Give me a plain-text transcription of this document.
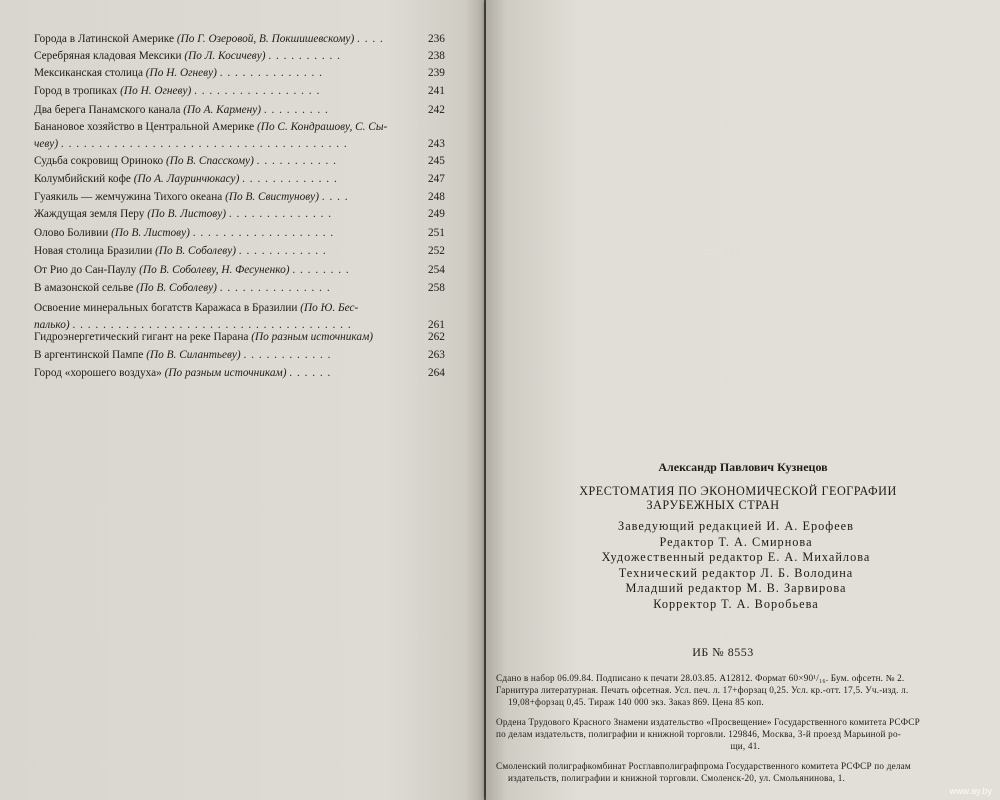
Города в Латинской Америке (По Г. Озеровой, В. Покшишевскому) . . . .	236
Серебряная кладовая Мексики (По Л. Косичеву) . . . . . . . . . .	238
Мексиканская столица (По Н. Огневу) . . . . . . . . . . . . . .	239
Город в тропиках (По Н. Огневу) . . . . . . . . . . . . . . . . .	241
Два берега Панамского канала (По А. Кармену) . . . . . . . . .	242
Банановое хозяйство в Центральной Америке (По С. Кондрашову, С. Сы-
чеву) . . . . . . . . . . . . . . . . . . . . . . . . . . . . . . . . . . . . . .	243
Судьба сокровищ Ориноко (По В. Спасскому) . . . . . . . . . . .	245
Колумбийский кофе (По А. Лауринчюкасу) . . . . . . . . . . . . .	247
Гуаякиль — жемчужина Тихого океана (По В. Свистунову) . . . .	248
Жаждущая земля Перу (По В. Листову) . . . . . . . . . . . . . .	249
Олово Боливии (По В. Листову) . . . . . . . . . . . . . . . . . . .	251
Новая столица Бразилии (По В. Соболеву) . . . . . . . . . . . .	252
От Рио до Сан-Паулу (По В. Соболеву, Н. Фесуненко) . . . . . . . .	254
В амазонской сельве (По В. Соболеву) . . . . . . . . . . . . . . .	258
Освоение минеральных богатств Каражаса в Бразилии (По Ю. Бес-
палько) . . . . . . . . . . . . . . . . . . . . . . . . . . . . . . . . . . . . .	261
Гидроэнергетический гигант на реке Парана (По разным источникам)	262
В аргентинской Пампе (По В. Силантьеву) . . . . . . . . . . . .	263
Город «хорошего воздуха» (По разным источникам) . . . . . .	264
Александр Павлович Кузнецов
ХРЕСТОМАТИЯ ПО ЭКОНОМИЧЕСКОЙ ГЕОГРАФИИ
ЗАРУБЕЖНЫХ СТРАН
Заведующий редакцией И. А. Ерофеев
Редактор Т. А. Смирнова
Художественный редактор Е. А. Михайлова
Технический редактор Л. Б. Володина
Младший редактор М. В. Зарвирова
Корректор Т. А. Воробьева
ИБ № 8553
Сдано в набор 06.09.84. Подписано к печати 28.03.85. А12812. Формат 60×90¹/₁₆. Бум. офсетн. № 2.
Гарнитура литературная. Печать офсетная. Усл. печ. л. 17+форзац 0,25. Усл. кр.-отт. 17,5. Уч.-изд. л.
19,08+форзац 0,45. Тираж 140 000 экз. Заказ 869. Цена 85 коп.
Ордена Трудового Красного Знамени издательство «Просвещение» Государственного комитета РСФСР
по делам издательств, полиграфии и книжной торговли. 129846, Москва, 3-й проезд Марьиной ро-
щи, 41.
Смоленский полиграфкомбинат Росглавполиграфпрома Государственного комитета РСФСР по делам
издательств, полиграфии и книжной торговли. Смоленск-20, ул. Смольянинова, 1.
www.ay.by
